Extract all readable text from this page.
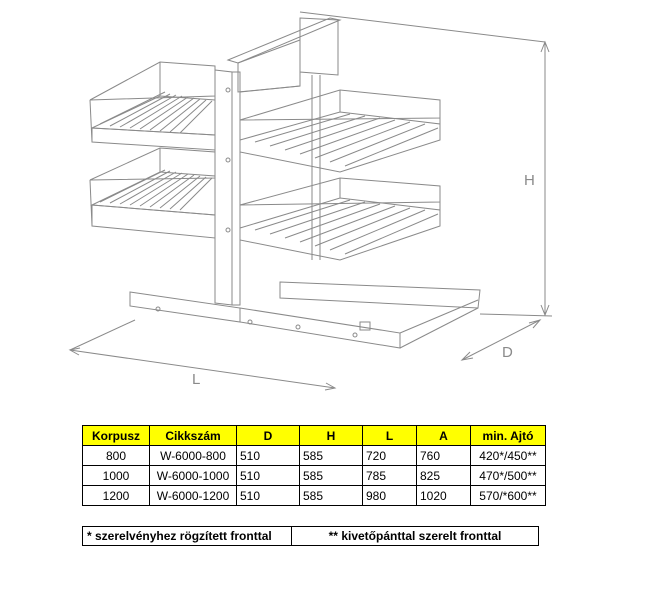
H
D
L
Korpusz	Cikkszám	D	H	L	A	min. Ajtó
800	W-6000-800	510	585	720	760	420*/450**
1000	W-6000-1000	510	585	785	825	470*/500**
1200	W-6000-1200	510	585	980	1020	570/*600**
* szerelvényhez rögzített fronttal	** kivetőpánttal szerelt fronttal
